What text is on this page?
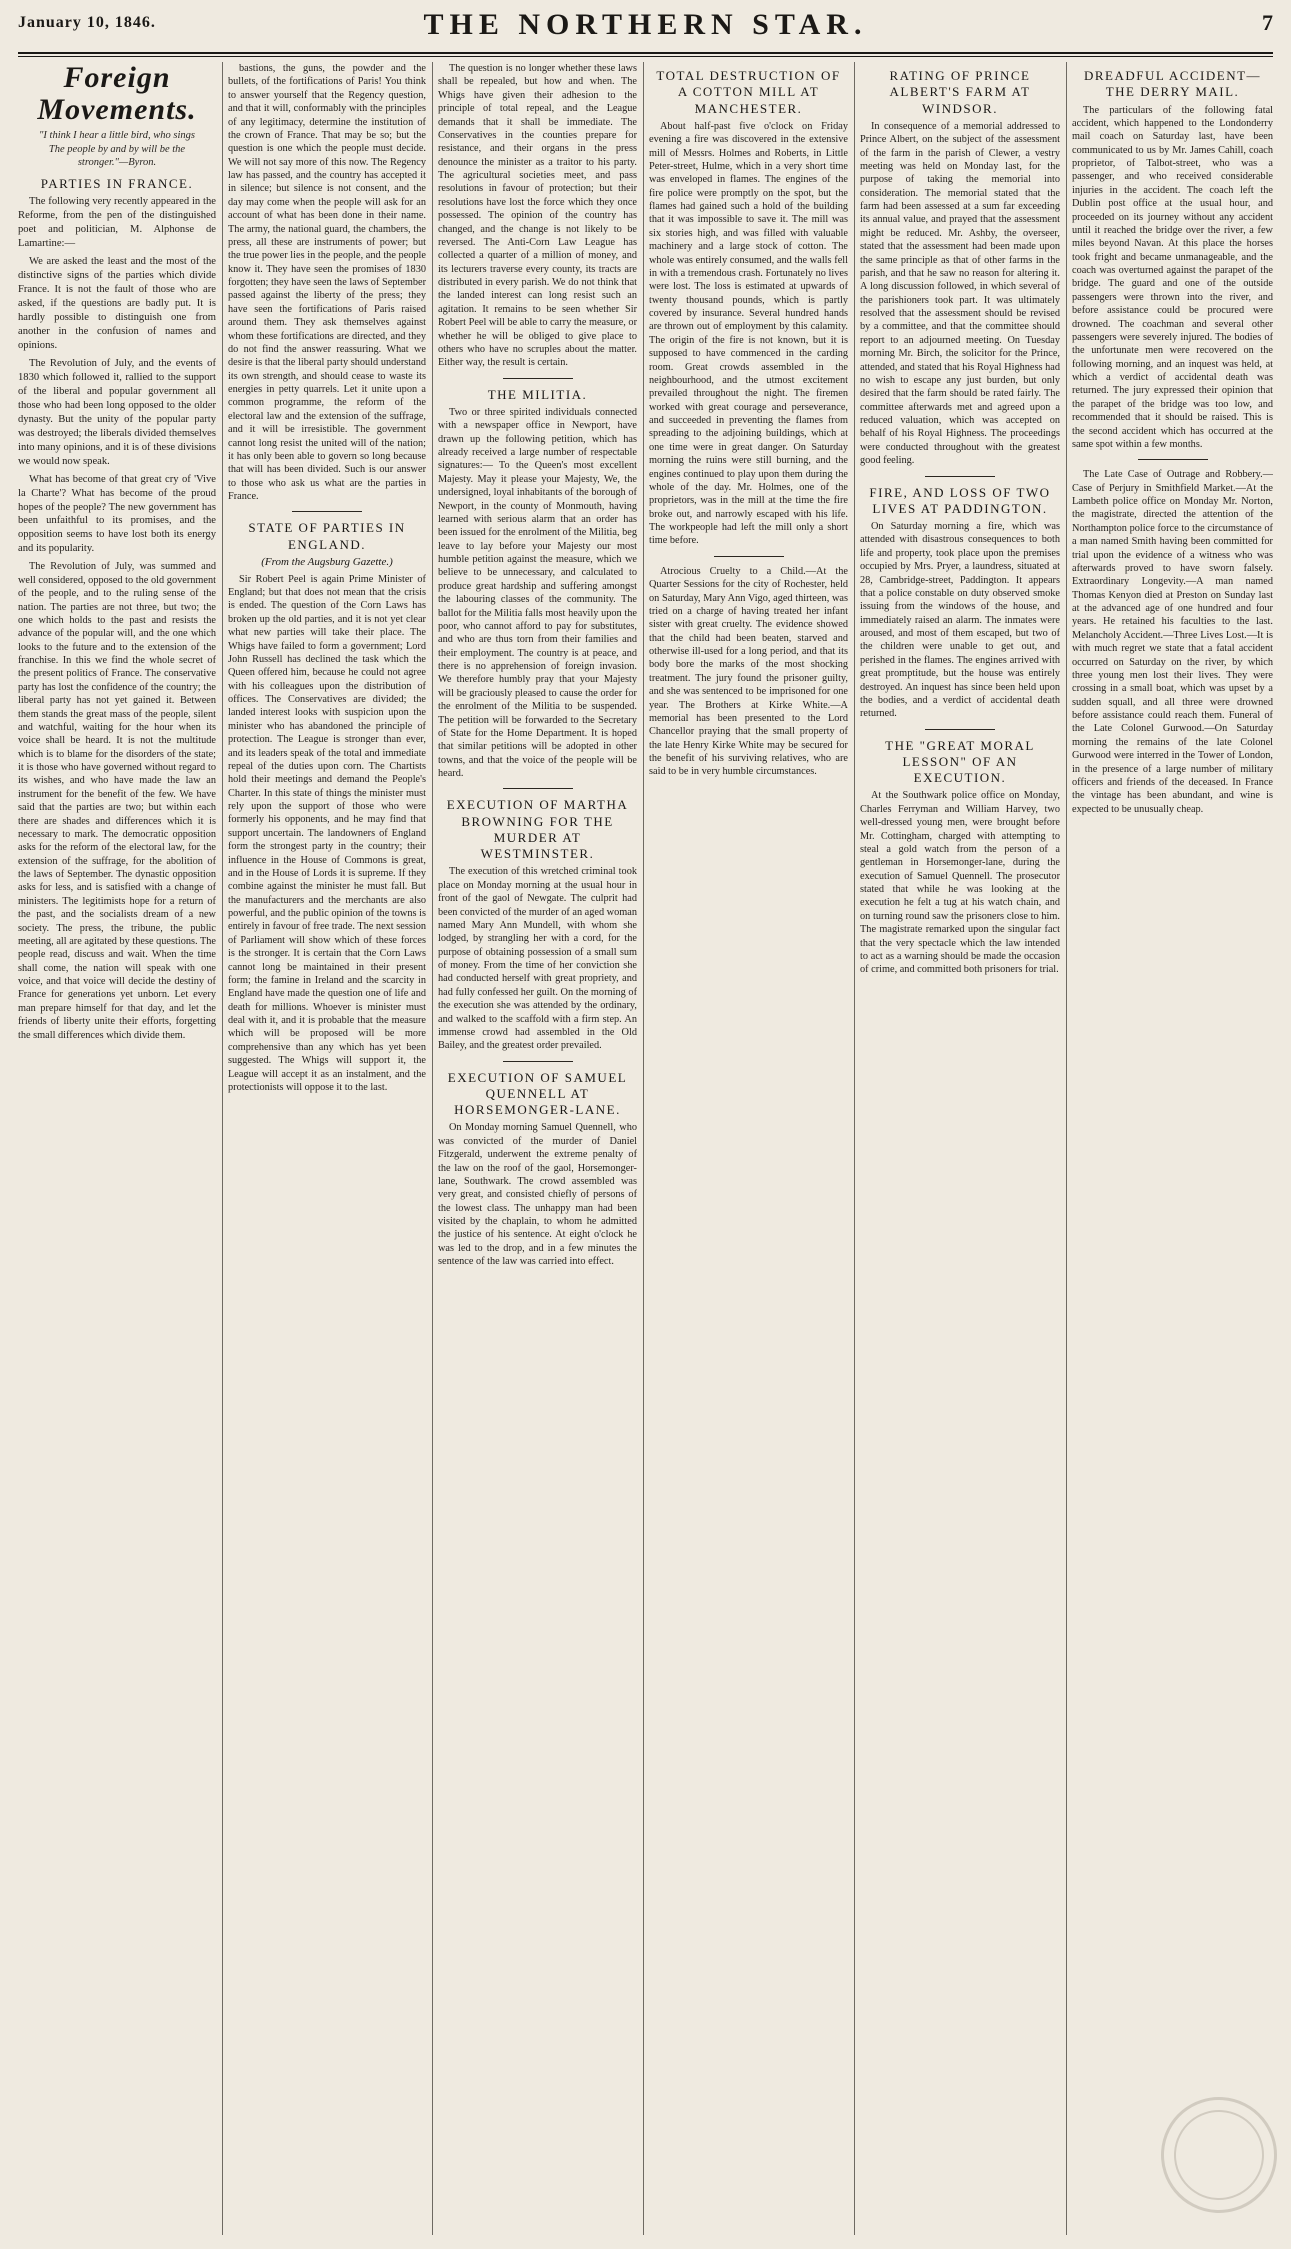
January 10, 1846.	THE NORTHERN STAR.	7
Foreign Movements.
"I think I hear a little bird, who sings
The people by and by will be the stronger."—Byron.
PARTIES IN FRANCE.

The following very recently appeared in the Reforme, from the pen of the distinguished poet and politician, M. Alphonse de Lamartine:—

We are asked the least and the most of the distinctive signs of the parties which divide France. It is not the fault of those who are asked, if the questions are badly put. It is hardly possible to distinguish one from another in the confusion of names and opinions.

The Revolution of July, and the events of 1830 which followed it, rallied to the support of the liberal and popular government all those who had been long opposed to the older dynasty. But the unity of the popular party was destroyed; the liberals divided themselves into many opinions, and it is of these divisions we would now speak.

What has become of that great cry of 'Vive la Charte'? What has become of the proud hopes of the people? The new government has been unfaithful to its promises, and the opposition seems to have lost both its energy and its popularity.

The Revolution of July, was summed and well considered, opposed to the old government of the people, and to the ruling sense of the nation. The parties are not three, but two; the one which holds to the past and resists the advance of the popular will, and the one which looks to the future and to the extension of the franchise. In this we find the whole secret of the present politics of France. The conservative party has lost the confidence of the country; the liberal party has not yet gained it. Between them stands the great mass of the people, silent and watchful, waiting for the hour when its voice shall be heard. It is not the multitude which is to blame for the disorders of the state; it is those who have governed without regard to its wishes, and who have made the law an instrument for the benefit of the few. We have said that the parties are two; but within each there are shades and differences which it is necessary to mark. The democratic opposition asks for the reform of the electoral law, for the extension of the suffrage, for the abolition of the laws of September. The dynastic opposition asks for less, and is satisfied with a change of ministers. The legitimists hope for a return of the past, and the socialists dream of a new society. The press, the tribune, the public meeting, all are agitated by these questions. The people read, discuss and wait. When the time shall come, the nation will speak with one voice, and that voice will decide the destiny of France for generations yet unborn. Let every man prepare himself for that day, and let the friends of liberty unite their efforts, forgetting the small differences which divide them.

bastions, the guns, the powder and the bullets, of the fortifications of Paris! You think to answer yourself that the Regency question, and that it will, conformably with the principles of any legitimacy, determine the institution of the crown of France. That may be so; but the question is one which the people must decide. We will not say more of this now. The Regency law has passed, and the country has accepted it in silence; but silence is not consent, and the day may come when the people will ask for an account of what has been done in their name. The army, the national guard, the chambers, the press, all these are instruments of power; but the true power lies in the people, and the people know it. They have seen the promises of 1830 forgotten; they have seen the laws of September passed against the liberty of the press; they have seen the fortifications of Paris raised around them. They ask themselves against whom these fortifications are directed, and they do not find the answer reassuring. What we desire is that the liberal party should understand its own strength, and should cease to waste its energies in petty quarrels. Let it unite upon a common programme, the reform of the electoral law and the extension of the suffrage, and it will be irresistible. The government cannot long resist the united will of the nation; it has only been able to govern so long because that will has been divided. Such is our answer to those who ask us what are the parties in France.

STATE OF PARTIES IN ENGLAND.
(From the Augsburg Gazette.)

Sir Robert Peel is again Prime Minister of England; but that does not mean that the crisis is ended. The question of the Corn Laws has broken up the old parties, and it is not yet clear what new parties will take their place. The Whigs have failed to form a government; Lord John Russell has declined the task which the Queen offered him, because he could not agree with his colleagues upon the distribution of offices. The Conservatives are divided; the landed interest looks with suspicion upon the minister who has abandoned the principle of protection. The League is stronger than ever, and its leaders speak of the total and immediate repeal of the duties upon corn. The Chartists hold their meetings and demand the People's Charter. In this state of things the minister must rely upon the support of those who were formerly his opponents, and he may find that support uncertain. The landowners of England form the strongest party in the country; their influence in the House of Commons is great, and in the House of Lords it is supreme. If they combine against the minister he must fall. But the manufacturers and the merchants are also powerful, and the public opinion of the towns is entirely in favour of free trade. The next session of Parliament will show which of these forces is the stronger. It is certain that the Corn Laws cannot long be maintained in their present form; the famine in Ireland and the scarcity in England have made the question one of life and death for millions. Whoever is minister must deal with it, and it is probable that the measure which will be proposed will be more comprehensive than any which has yet been suggested. The Whigs will support it, the League will accept it as an instalment, and the protectionists will oppose it to the last.

The question is no longer whether these laws shall be repealed, but how and when. The Whigs have given their adhesion to the principle of total repeal, and the League demands that it shall be immediate. The Conservatives in the counties prepare for resistance, and their organs in the press denounce the minister as a traitor to his party. The agricultural societies meet, and pass resolutions in favour of protection; but their resolutions have lost the force which they once possessed. The opinion of the country has changed, and the change is not likely to be reversed. The Anti-Corn Law League has collected a quarter of a million of money, and its lecturers traverse every county, its tracts are distributed in every parish. We do not think that the landed interest can long resist such an agitation. It remains to be seen whether Sir Robert Peel will be able to carry the measure, or whether he will be obliged to give place to others who have no scruples about the matter. Either way, the result is certain.

THE MILITIA.

Two or three spirited individuals connected with a newspaper office in Newport, have drawn up the following petition, which has already received a large number of respectable signatures:— To the Queen's most excellent Majesty. May it please your Majesty, We, the undersigned, loyal inhabitants of the borough of Newport, in the county of Monmouth, having learned with serious alarm that an order has been issued for the enrolment of the Militia, beg leave to lay before your Majesty our most humble petition against the measure, which we believe to be unnecessary, and calculated to produce great hardship and suffering amongst the labouring classes of the community. The ballot for the Militia falls most heavily upon the poor, who cannot afford to pay for substitutes, and who are thus torn from their families and their employment. The country is at peace, and there is no apprehension of foreign invasion. We therefore humbly pray that your Majesty will be graciously pleased to cause the order for the enrolment of the Militia to be suspended. The petition will be forwarded to the Secretary of State for the Home Department. It is hoped that similar petitions will be adopted in other towns, and that the voice of the people will be heard.

EXECUTION OF MARTHA BROWNING FOR THE MURDER AT WESTMINSTER.

The execution of this wretched criminal took place on Monday morning at the usual hour in front of the gaol of Newgate. The culprit had been convicted of the murder of an aged woman named Mary Ann Mundell, with whom she lodged, by strangling her with a cord, for the purpose of obtaining possession of a small sum of money. From the time of her conviction she had conducted herself with great propriety, and had fully confessed her guilt. On the morning of the execution she was attended by the ordinary, and walked to the scaffold with a firm step. An immense crowd had assembled in the Old Bailey, and the greatest order prevailed.

EXECUTION OF SAMUEL QUENNELL AT HORSEMONGER-LANE.

On Monday morning Samuel Quennell, who was convicted of the murder of Daniel Fitzgerald, underwent the extreme penalty of the law on the roof of the gaol, Horsemonger-lane, Southwark. The crowd assembled was very great, and consisted chiefly of persons of the lowest class. The unhappy man had been visited by the chaplain, to whom he admitted the justice of his sentence. At eight o'clock he was led to the drop, and in a few minutes the sentence of the law was carried into effect.

TOTAL DESTRUCTION OF A COTTON MILL AT MANCHESTER.

About half-past five o'clock on Friday evening a fire was discovered in the extensive mill of Messrs. Holmes and Roberts, in Little Peter-street, Hulme, which in a very short time was enveloped in flames. The engines of the fire police were promptly on the spot, but the flames had gained such a hold of the building that it was impossible to save it. The mill was six stories high, and was filled with valuable machinery and a large stock of cotton. The whole was entirely consumed, and the walls fell in with a tremendous crash. Fortunately no lives were lost. The loss is estimated at upwards of twenty thousand pounds, which is partly covered by insurance. Several hundred hands are thrown out of employment by this calamity. The origin of the fire is not known, but it is supposed to have commenced in the carding room. Great crowds assembled in the neighbourhood, and the utmost excitement prevailed throughout the night. The firemen worked with great courage and perseverance, and succeeded in preventing the flames from spreading to the adjoining buildings, which at one time were in great danger. On Saturday morning the ruins were still burning, and the engines continued to play upon them during the whole of the day. Mr. Holmes, one of the proprietors, was in the mill at the time the fire broke out, and narrowly escaped with his life. The workpeople had left the mill only a short time before.

Atrocious Cruelty to a Child.—At the Quarter Sessions for the city of Rochester, held on Saturday, Mary Ann Vigo, aged thirteen, was tried on a charge of having treated her infant sister with great cruelty. The evidence showed that the child had been beaten, starved and otherwise ill-used for a long period, and that its body bore the marks of the most shocking treatment. The jury found the prisoner guilty, and she was sentenced to be imprisoned for one year. The Brothers at Kirke White.—A memorial has been presented to the Lord Chancellor praying that the small property of the late Henry Kirke White may be secured for the benefit of his surviving relatives, who are said to be in very humble circumstances.

RATING OF PRINCE ALBERT'S FARM AT WINDSOR.

In consequence of a memorial addressed to Prince Albert, on the subject of the assessment of the farm in the parish of Clewer, a vestry meeting was held on Monday last, for the purpose of taking the memorial into consideration. The memorial stated that the farm had been assessed at a sum far exceeding its annual value, and prayed that the assessment might be reduced. Mr. Ashby, the overseer, stated that the assessment had been made upon the same principle as that of other farms in the parish, and that he saw no reason for altering it. A long discussion followed, in which several of the parishioners took part. It was ultimately resolved that the assessment should be revised by a committee, and that the committee should report to an adjourned meeting. On Tuesday morning Mr. Birch, the solicitor for the Prince, attended, and stated that his Royal Highness had no wish to escape any just burden, but only desired that the farm should be rated fairly. The committee afterwards met and agreed upon a reduced valuation, which was accepted on behalf of his Royal Highness. The proceedings were conducted throughout with the greatest good feeling.

FIRE, AND LOSS OF TWO LIVES AT PADDINGTON.

On Saturday morning a fire, which was attended with disastrous consequences to both life and property, took place upon the premises occupied by Mrs. Pryer, a laundress, situated at 28, Cambridge-street, Paddington. It appears that a police constable on duty observed smoke issuing from the windows of the house, and immediately raised an alarm. The inmates were aroused, and most of them escaped, but two of the children were unable to get out, and perished in the flames. The engines arrived with great promptitude, but the house was entirely destroyed. An inquest has since been held upon the bodies, and a verdict of accidental death returned.

THE "GREAT MORAL LESSON" OF AN EXECUTION.

At the Southwark police office on Monday, Charles Ferryman and William Harvey, two well-dressed young men, were brought before Mr. Cottingham, charged with attempting to steal a gold watch from the person of a gentleman in Horsemonger-lane, during the execution of Samuel Quennell. The prosecutor stated that while he was looking at the execution he felt a tug at his watch chain, and on turning round saw the prisoners close to him. The magistrate remarked upon the singular fact that the very spectacle which the law intended to act as a warning should be made the occasion of crime, and committed both prisoners for trial.

DREADFUL ACCIDENT—THE DERRY MAIL.

The particulars of the following fatal accident, which happened to the Londonderry mail coach on Saturday last, have been communicated to us by Mr. James Cahill, coach proprietor, of Talbot-street, who was a passenger, and who received considerable injuries in the accident. The coach left the Dublin post office at the usual hour, and proceeded on its journey without any accident until it reached the bridge over the river, a few miles beyond Navan. At this place the horses took fright and became unmanageable, and the coach was overturned against the parapet of the bridge. The guard and one of the outside passengers were thrown into the river, and before assistance could be procured were drowned. The coachman and several other passengers were severely injured. The bodies of the unfortunate men were recovered on the following morning, and an inquest was held, at which a verdict of accidental death was returned. The jury expressed their opinion that the parapet of the bridge was too low, and recommended that it should be raised. This is the second accident which has occurred at the same spot within a few months.

The Late Case of Outrage and Robbery.—Case of Perjury in Smithfield Market.—At the Lambeth police office on Monday Mr. Norton, the magistrate, directed the attention of the Northampton police force to the circumstance of a man named Smith having been committed for trial upon the evidence of a witness who was afterwards proved to have sworn falsely. Extraordinary Longevity.—A man named Thomas Kenyon died at Preston on Sunday last at the advanced age of one hundred and four years. He retained his faculties to the last. Melancholy Accident.—Three Lives Lost.—It is with much regret we state that a fatal accident occurred on Saturday on the river, by which three young men lost their lives. They were crossing in a small boat, which was upset by a sudden squall, and all three were drowned before assistance could reach them. Funeral of the Late Colonel Gurwood.—On Saturday morning the remains of the late Colonel Gurwood were interred in the Tower of London, in the presence of a large number of military officers and friends of the deceased. In France the vintage has been abundant, and wine is expected to be unusually cheap.
